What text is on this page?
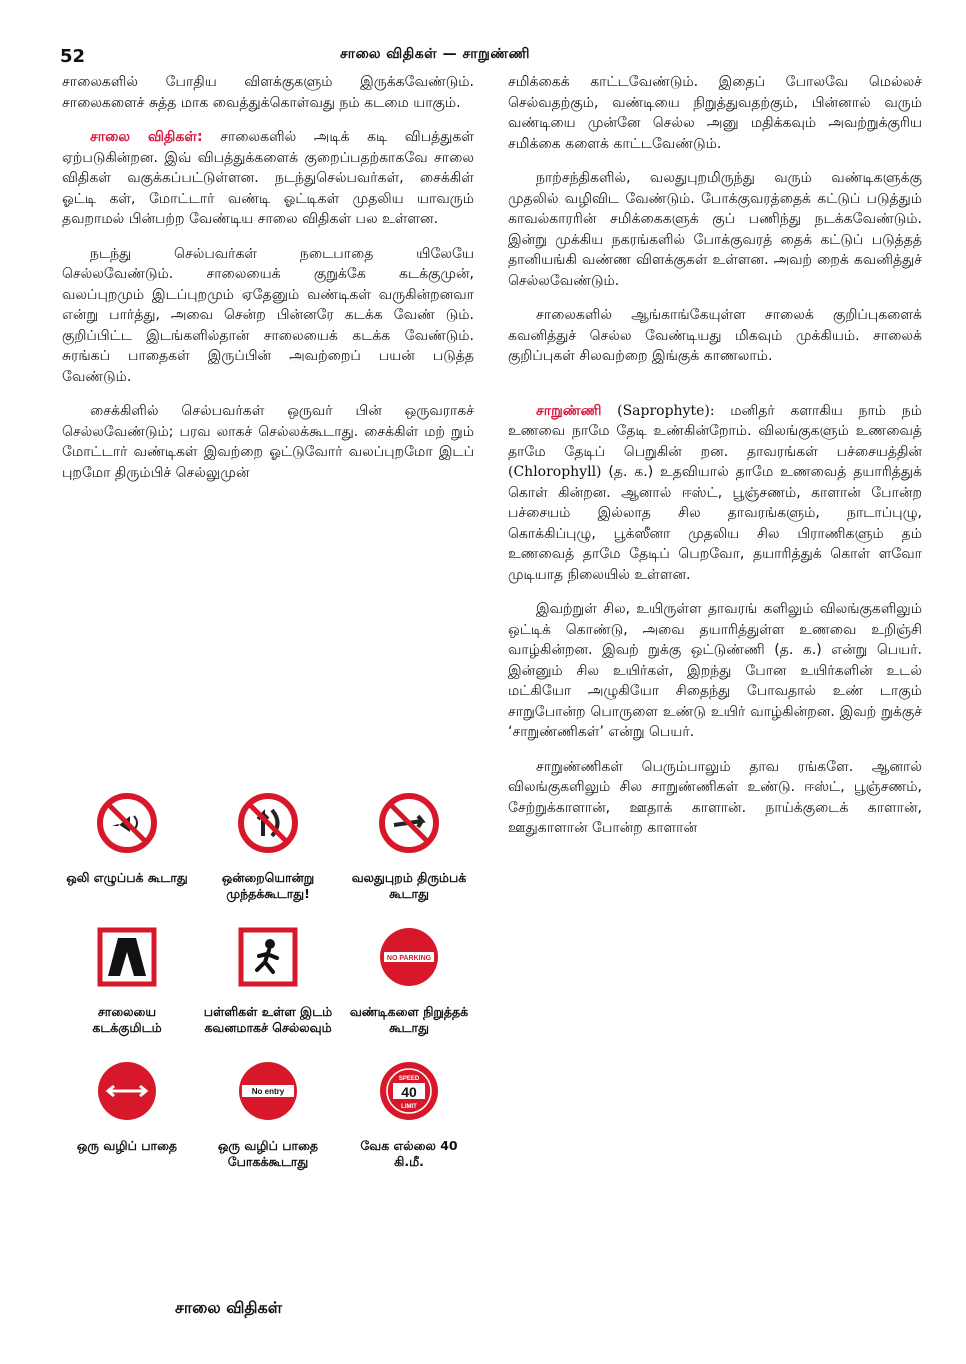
52	சாலை விதிகள் — சாறுண்ணி

சாலைகளில் போதிய விளக்குகளும் இருக்கவேண்டும். சாலைகளைச் சுத்த மாக வைத்துக்கொள்வது நம் கடமை யாகும்.

சாலை விதிகள்: சாலைகளில் அடிக் கடி விபத்துகள் ஏற்படுகின்றன. இவ் விபத்துக்களைக் குறைப்பதற்காகவே சாலை விதிகள் வகுக்கப்பட்டுள்ளன. நடந்துசெல்பவர்கள், சைக்கிள் ஓட்டி கள், மோட்டார் வண்டி ஓட்டிகள் முதலிய யாவரும் தவறாமல் பின்பற்ற வேண்டிய சாலை விதிகள் பல உள்ளன.

நடந்து செல்பவர்கள் நடைபாதை யிலேயே செல்லவேண்டும். சாலையைக் குறுக்கே கடக்குமுன், வலப்புறமும் இடப்புறமும் ஏதேனும் வண்டிகள் வருகின்றனவா என்று பார்த்து, அவை சென்ற பின்னரே கடக்க வேண் டும். குறிப்பிட்ட இடங்களில்தான் சாலையைக் கடக்க வேண்டும். சுரங்கப் பாதைகள் இருப்பின் அவற்றைப் பயன் படுத்த வேண்டும்.

சைக்கிளில் செல்பவர்கள் ஒருவர் பின் ஒருவராகச் செல்லவேண்டும்; பரவ லாகச் செல்லக்கூடாது. சைக்கிள் மற் றும் மோட்டார் வண்டிகள் இவற்றை ஓட்டுவோர் வலப்புறமோ இடப் புறமோ திரும்பிச் செல்லுமுன்

ஒலி எழுப்பக் கூடாது	ஒன்றையொன்று முந்தக்கூடாது!
வலதுபுறம் திரும்பக் கூடாது
சாலையை கடக்குமிடம்
பள்ளிகள் உள்ள இடம் கவனமாகச் செல்லவும்
NO PARKING
வண்டிகளை நிறுத்தக் கூடாது
ஒரு வழிப் பாதை
No entry
ஒரு வழிப் பாதை போகக்கூடாது
SPEED
40
LIMIT
வேக எல்லை 40 கி.மீ.
சாலை விதிகள்

சமிக்கைக் காட்டவேண்டும். இதைப் போலவே மெல்லச் செல்வதற்கும், வண்டியை நிறுத்துவதற்கும், பின்னால் வரும் வண்டியை முன்னே செல்ல அனு மதிக்கவும் அவற்றுக்குரிய சமிக்கை களைக் காட்டவேண்டும்.

நாற்சந்திகளில், வலதுபுறமிருந்து வரும் வண்டிகளுக்கு முதலில் வழிவிட வேண்டும். போக்குவரத்தைக் கட்டுப் படுத்தும் காவல்காரரின் சமிக்கைகளுக் குப் பணிந்து நடக்கவேண்டும். இன்று முக்கிய நகரங்களில் போக்குவரத் தைக் கட்டுப் படுத்தத் தானியங்கி வண்ண விளக்குகள் உள்ளன. அவற் றைக் கவனித்துச் செல்லவேண்டும்.

சாலைகளில் ஆங்காங்கேயுள்ள சாலைக் குறிப்புகளைக் கவனித்துச் செல்ல வேண்டியது மிகவும் முக்கியம். சாலைக் குறிப்புகள் சிலவற்றை இங்குக் காணலாம்.

சாறுண்ணி (Saprophyte): மனிதர் களாகிய நாம் நம் உணவை நாமே தேடி உண்கின்றோம். விலங்குகளும் உணவைத் தாமே தேடிப் பெறுகின் றன. தாவரங்கள் பச்சையத்தின் (Chlorophyll) (த. க.) உதவியால் தாமே உணவைத் தயாரித்துக் கொள் கின்றன. ஆனால் ஈஸ்ட், பூஞ்சணம், காளான் போன்ற பச்சையம் இல்லாத சில தாவரங்களும், நாடாப்புழு, கொக்கிப்புழு, பூக்ஸீனா முதலிய சில பிராணிகளும் தம் உணவைத் தாமே தேடிப் பெறவோ, தயாரித்துக் கொள் ளவோ முடியாத நிலையில் உள்ளன.

இவற்றுள் சில, உயிருள்ள தாவரங் களிலும் விலங்குகளிலும் ஒட்டிக் கொண்டு, அவை தயாரித்துள்ள உணவை உறிஞ்சி வாழ்கின்றன. இவற் றுக்கு ஒட்டுண்ணி (த. க.) என்று பெயர். இன்னும் சில உயிர்கள், இறந்து போன உயிர்களின் உடல் மட்கியோ அழுகியோ சிதைந்து போவதால் உண் டாகும் சாறுபோன்ற பொருளை உண்டு உயிர் வாழ்கின்றன. இவற் றுக்குச் ‘சாறுண்ணிகள்’ என்று பெயர்.

சாறுண்ணிகள் பெரும்பாலும் தாவ ரங்களே. ஆனால் விலங்குகளிலும் சில சாறுண்ணிகள் உண்டு. ஈஸ்ட், பூஞ்சணம், சேற்றுக்காளான், ஊதாக் காளான். நாய்க்குடைக் காளான், ஊதுகாளான் போன்ற காளான்
